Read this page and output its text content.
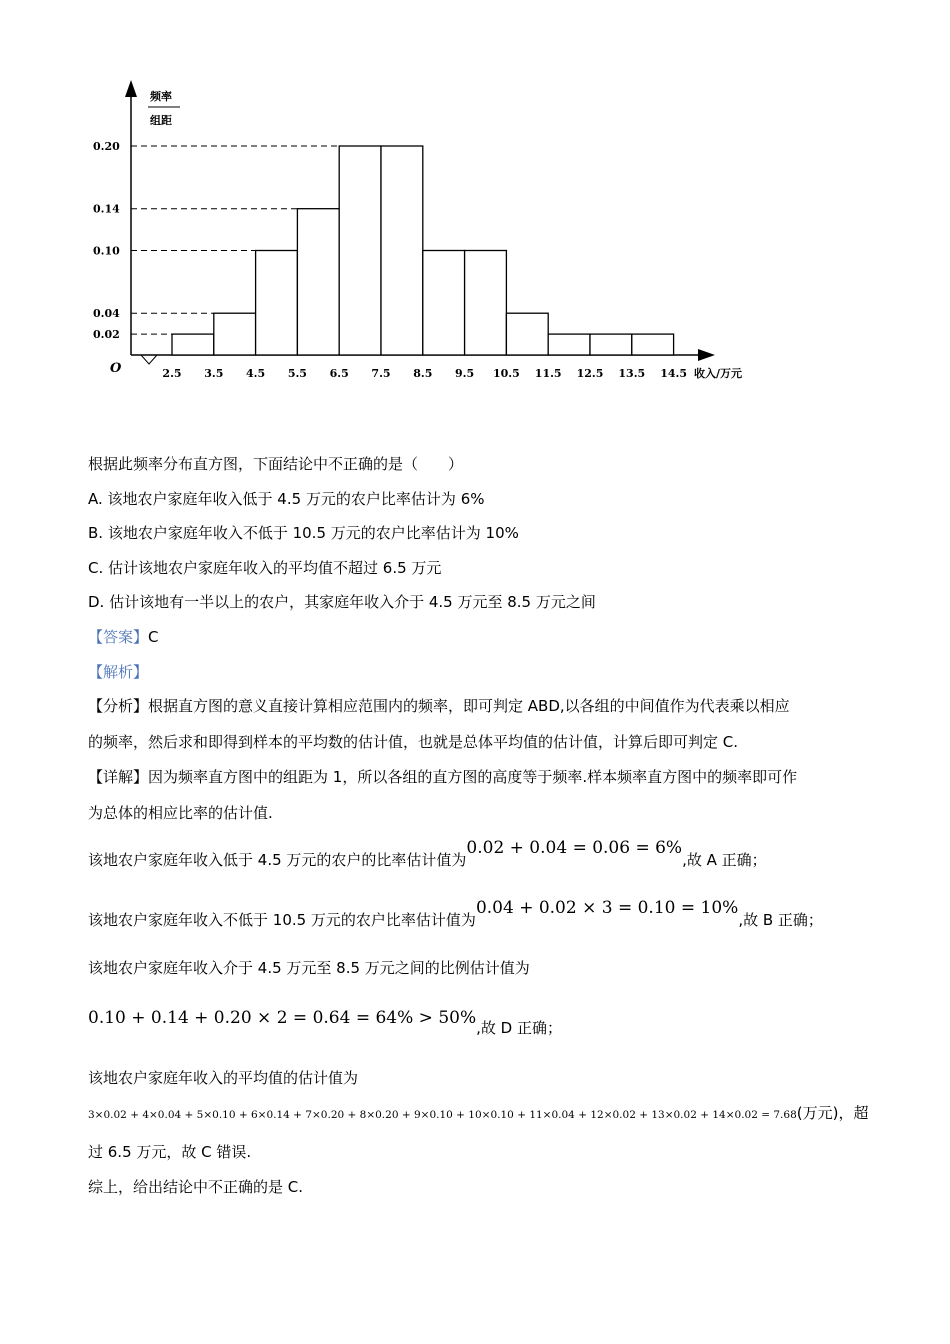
0.20
0.14
0.10
0.04
0.02
2.5 3.5 4.5 5.5 6.5 7.5 8.5 9.5 10.5 11.5 12.5 13.5 14.5
频率
组距
收入/万元
O
根据此频率分布直方图，下面结论中不正确的是（　　）
A. 该地农户家庭年收入低于 4.5 万元的农户比率估计为 6%
B. 该地农户家庭年收入不低于 10.5 万元的农户比率估计为 10%
C. 估计该地农户家庭年收入的平均值不超过 6.5 万元
D. 估计该地有一半以上的农户，其家庭年收入介于 4.5 万元至 8.5 万元之间
【答案】C
【解析】
【分析】根据直方图的意义直接计算相应范围内的频率，即可判定 ABD,以各组的中间值作为代表乘以相应
的频率，然后求和即得到样本的平均数的估计值，也就是总体平均值的估计值，计算后即可判定 C.
【详解】因为频率直方图中的组距为 1，所以各组的直方图的高度等于频率.样本频率直方图中的频率即可作
为总体的相应比率的估计值.
该地农户家庭年收入低于 4.5 万元的农户的比率估计值为0.02 + 0.04 = 0.06 = 6%,故 A 正确；
该地农户家庭年收入不低于 10.5 万元的农户比率估计值为0.04 + 0.02 × 3 = 0.10 = 10%,故 B 正确；
该地农户家庭年收入介于 4.5 万元至 8.5 万元之间的比例估计值为
0.10 + 0.14 + 0.20 × 2 = 0.64 = 64% > 50%,故 D 正确；
该地农户家庭年收入的平均值的估计值为
3×0.02 + 4×0.04 + 5×0.10 + 6×0.14 + 7×0.20 + 8×0.20 + 9×0.10 + 10×0.10 + 11×0.04 + 12×0.02 + 13×0.02 + 14×0.02 = 7.68(万元)，超
过 6.5 万元，故 C 错误.
综上，给出结论中不正确的是 C.
